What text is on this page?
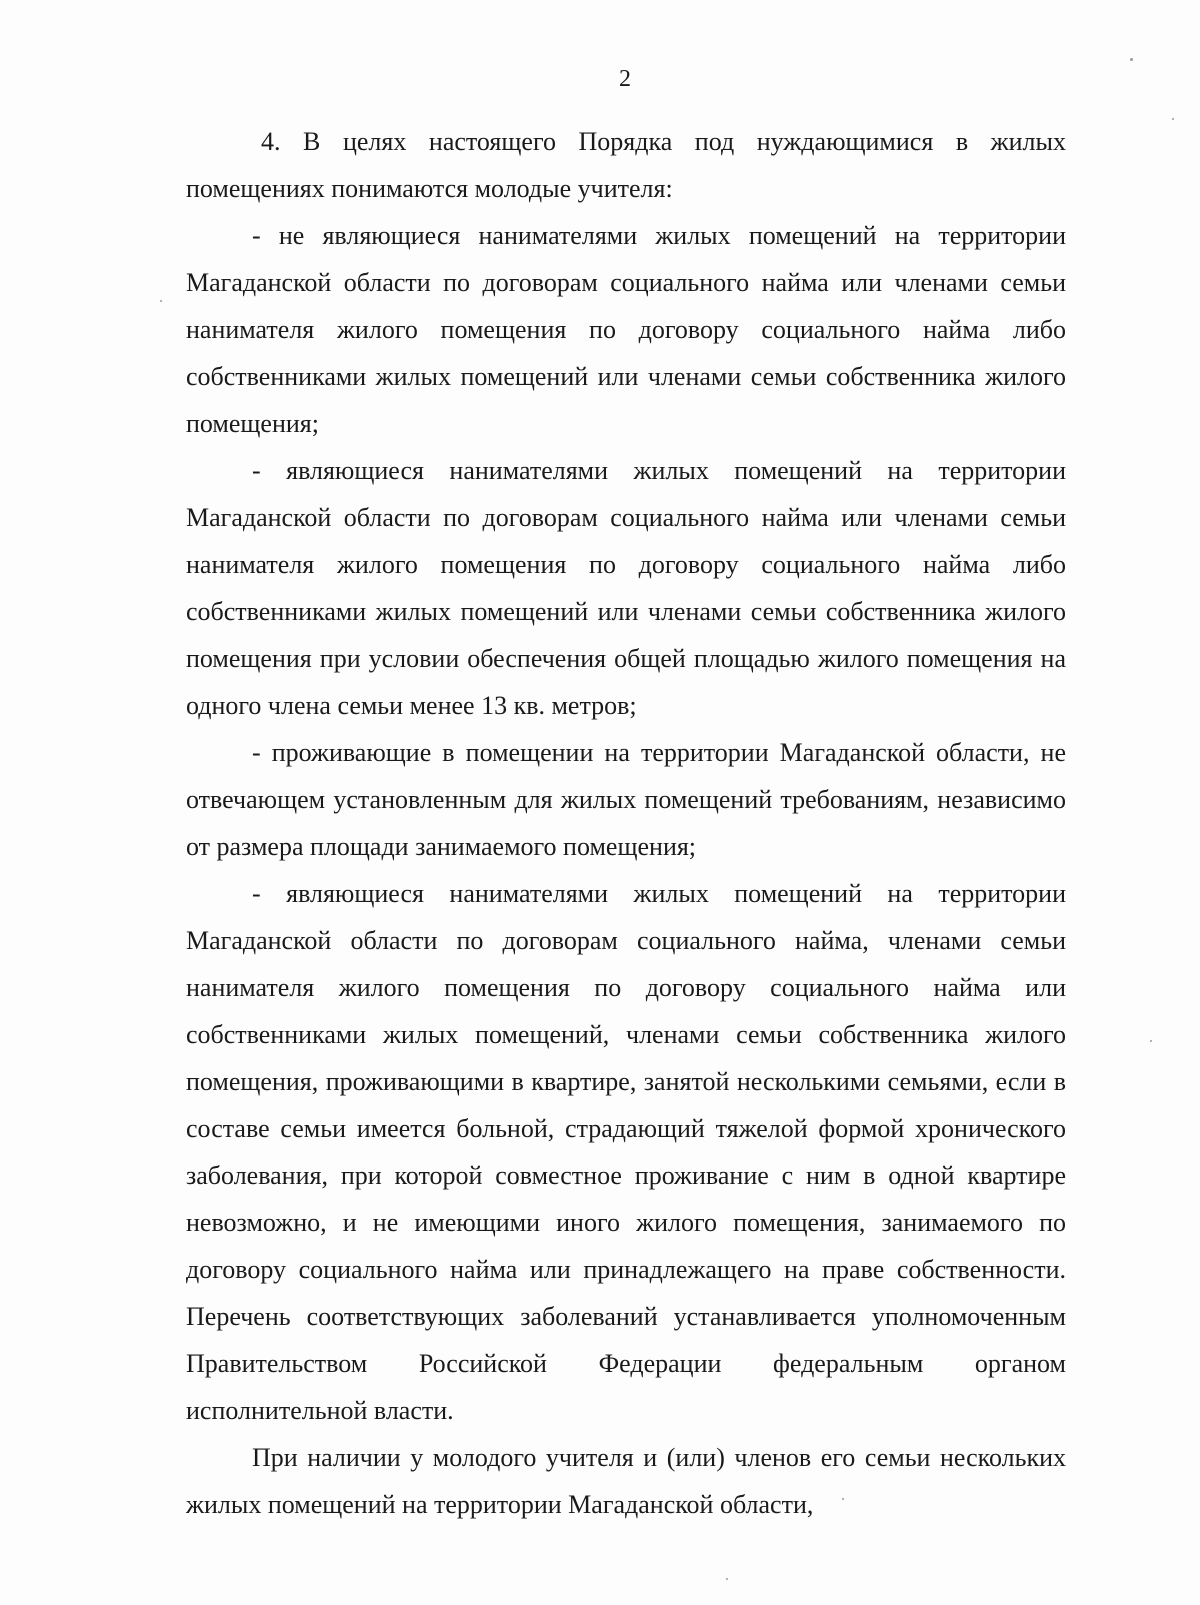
2

4. В целях настоящего Порядка под нуждающимися в жилых помещениях понимаются молодые учителя:

- не являющиеся нанимателями жилых помещений на территории Магаданской области по договорам социального найма или членами семьи нанимателя жилого помещения по договору социального найма либо собственниками жилых помещений или членами семьи собственника жилого помещения;

- являющиеся нанимателями жилых помещений на территории Магаданской области по договорам социального найма или членами семьи нанимателя жилого помещения по договору социального найма либо собственниками жилых помещений или членами семьи собственника жилого помещения при условии обеспечения общей площадью жилого помещения на одного члена семьи менее 13 кв. метров;

- проживающие в помещении на территории Магаданской области, не отвечающем установленным для жилых помещений требованиям, независимо от размера площади занимаемого помещения;

- являющиеся нанимателями жилых помещений на территории Магаданской области по договорам социального найма, членами семьи нанимателя жилого помещения по договору социального найма или собственниками жилых помещений, членами семьи собственника жилого помещения, проживающими в квартире, занятой несколькими семьями, если в составе семьи имеется больной, страдающий тяжелой формой хронического заболевания, при которой совместное проживание с ним в одной квартире невозможно, и не имеющими иного жилого помещения, занимаемого по договору социального найма или принадлежащего на праве собственности. Перечень соответствующих заболеваний устанавливается уполномоченным Правительством Российской Федерации федеральным органом исполнительной власти.

При наличии у молодого учителя и (или) членов его семьи нескольких жилых помещений на территории Магаданской области,
